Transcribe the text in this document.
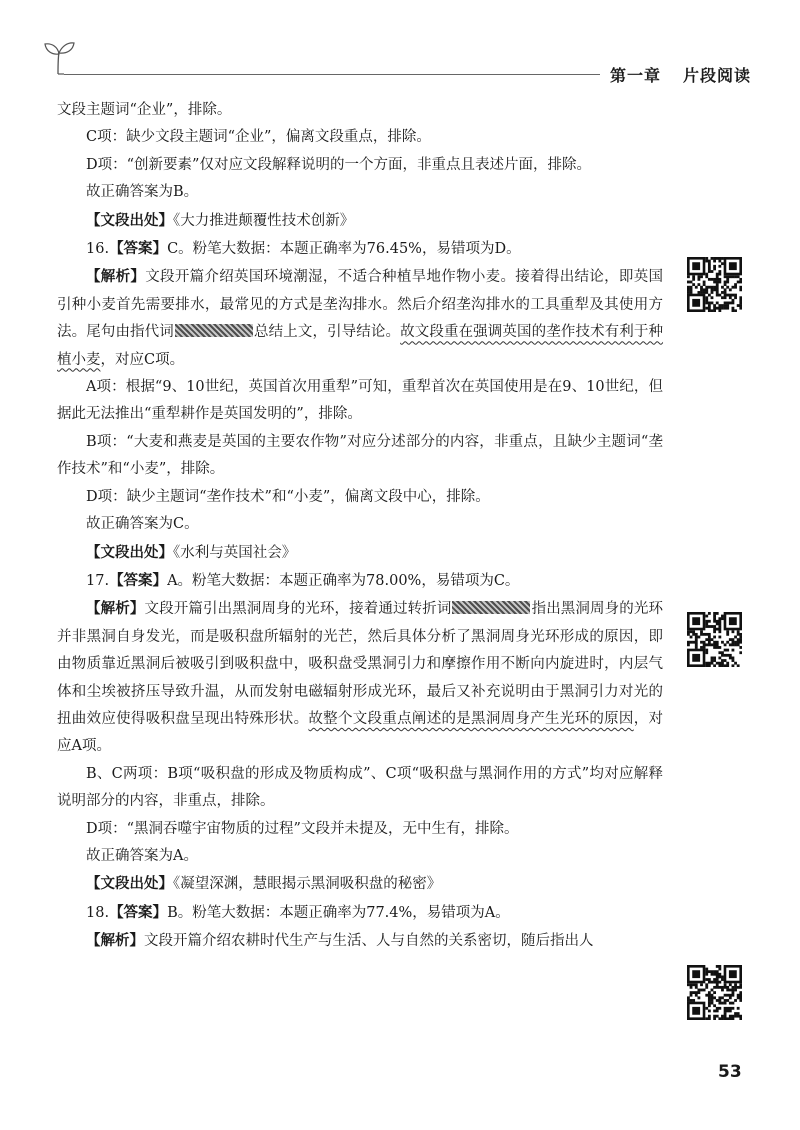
第一章 片段阅读

文段主题词“企业”，排除。

C项：缺少文段主题词“企业”，偏离文段重点，排除。

D项：“创新要素”仅对应文段解释说明的一个方面，非重点且表述片面，排除。

故正确答案为B。

【文段出处】《大力推进颠覆性技术创新》

16.【答案】C。粉笔大数据：本题正确率为76.45%，易错项为D。

【解析】文段开篇介绍英国环境潮湿，不适合种植旱地作物小麦。接着得出结论，即英国引种小麦首先需要排水，最常见的方式是垄沟排水。然后介绍垄沟排水的工具重犁及其使用方法。尾句由指代词	总结上文，引导结论。故文段重在强调英国的垄作技术有利于种植小麦，对应C项。

A项：根据“9、10世纪，英国首次用重犁”可知，重犁首次在英国使用是在9、10世纪，但据此无法推出“重犁耕作是英国发明的”，排除。

B项：“大麦和燕麦是英国的主要农作物”对应分述部分的内容，非重点，且缺少主题词“垄作技术”和“小麦”，排除。

D项：缺少主题词“垄作技术”和“小麦”，偏离文段中心，排除。

故正确答案为C。

【文段出处】《水利与英国社会》

17.【答案】A。粉笔大数据：本题正确率为78.00%，易错项为C。

【解析】文段开篇引出黑洞周身的光环，接着通过转折词	指出黑洞周身的光环并非黑洞自身发光，而是吸积盘所辐射的光芒，然后具体分析了黑洞周身光环形成的原因，即由物质靠近黑洞后被吸引到吸积盘中，吸积盘受黑洞引力和摩擦作用不断向内旋进时，内层气体和尘埃被挤压导致升温，从而发射电磁辐射形成光环，最后又补充说明由于黑洞引力对光的扭曲效应使得吸积盘呈现出特殊形状。故整个文段重点阐述的是黑洞周身产生光环的原因，对应A项。

B、C两项：B项“吸积盘的形成及物质构成”、C项“吸积盘与黑洞作用的方式”均对应解释说明部分的内容，非重点，排除。

D项：“黑洞吞噬宇宙物质的过程”文段并未提及，无中生有，排除。

故正确答案为A。

【文段出处】《凝望深渊，慧眼揭示黑洞吸积盘的秘密》

18.【答案】B。粉笔大数据：本题正确率为77.4%，易错项为A。

【解析】文段开篇介绍农耕时代生产与生活、人与自然的关系密切，随后指出人

53
